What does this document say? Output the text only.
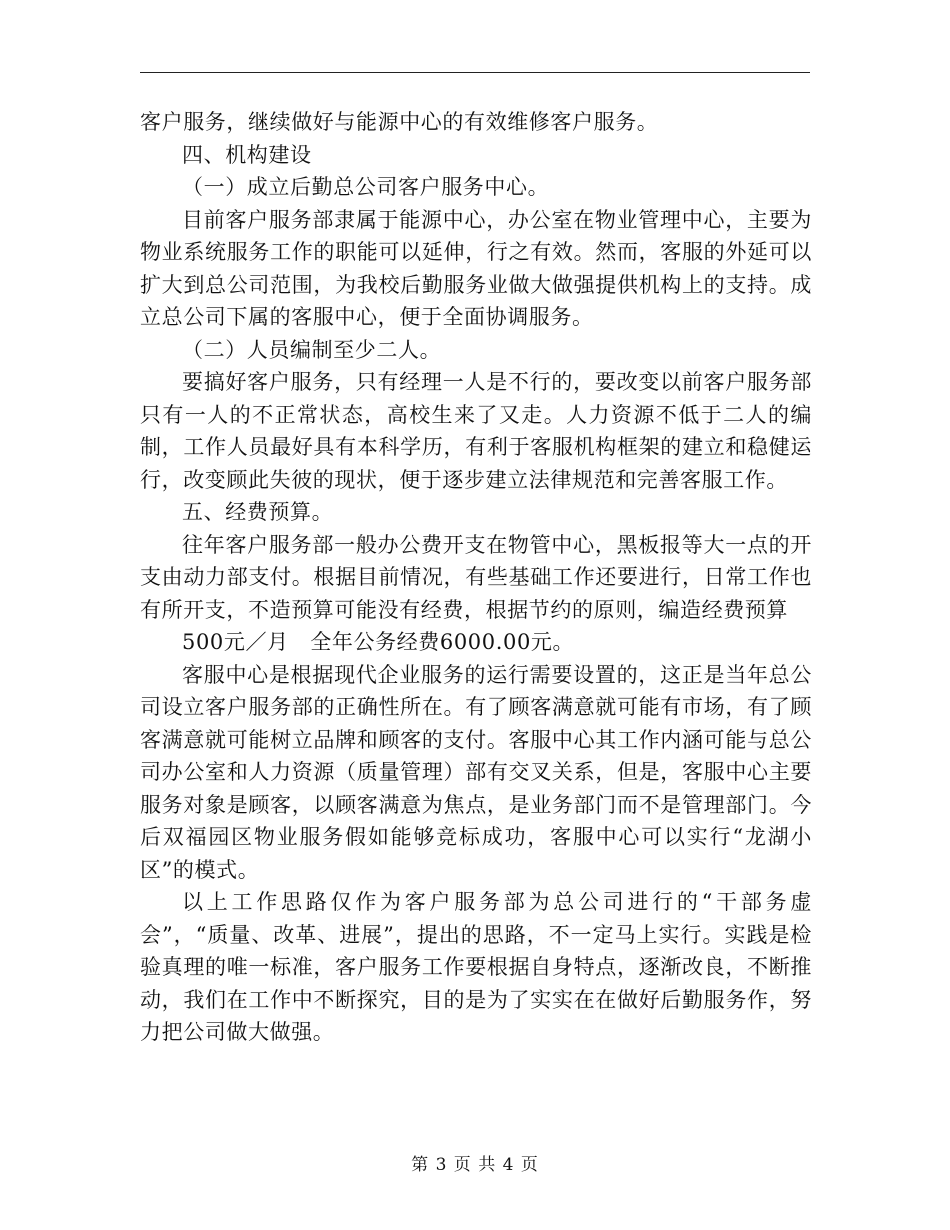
客户服务，继续做好与能源中心的有效维修客户服务。

四、机构建设

（一）成立后勤总公司客户服务中心。

目前客户服务部隶属于能源中心，办公室在物业管理中心，主要为物业系统服务工作的职能可以延伸，行之有效。然而，客服的外延可以扩大到总公司范围，为我校后勤服务业做大做强提供机构上的支持。成立总公司下属的客服中心，便于全面协调服务。

（二）人员编制至少二人。

要搞好客户服务，只有经理一人是不行的，要改变以前客户服务部只有一人的不正常状态，高校生来了又走。人力资源不低于二人的编制，工作人员最好具有本科学历，有利于客服机构框架的建立和稳健运行，改变顾此失彼的现状，便于逐步建立法律规范和完善客服工作。

五、经费预算。

往年客户服务部一般办公费开支在物管中心，黑板报等大一点的开支由动力部支付。根据目前情况，有些基础工作还要进行，日常工作也有所开支，不造预算可能没有经费，根据节约的原则，编造经费预算

500元／月　全年公务经费6000.00元。

客服中心是根据现代企业服务的运行需要设置的，这正是当年总公司设立客户服务部的正确性所在。有了顾客满意就可能有市场，有了顾客满意就可能树立品牌和顾客的支付。客服中心其工作内涵可能与总公司办公室和人力资源（质量管理）部有交叉关系，但是，客服中心主要服务对象是顾客，以顾客满意为焦点，是业务部门而不是管理部门。今后双福园区物业服务假如能够竞标成功，客服中心可以实行“龙湖小区”的模式。

以上工作思路仅作为客户服务部为总公司进行的“干部务虚会”，“质量、改革、进展”，提出的思路，不一定马上实行。实践是检验真理的唯一标准，客户服务工作要根据自身特点，逐渐改良，不断推动，我们在工作中不断探究，目的是为了实实在在做好后勤服务作，努力把公司做大做强。

第 3 页 共 4 页
